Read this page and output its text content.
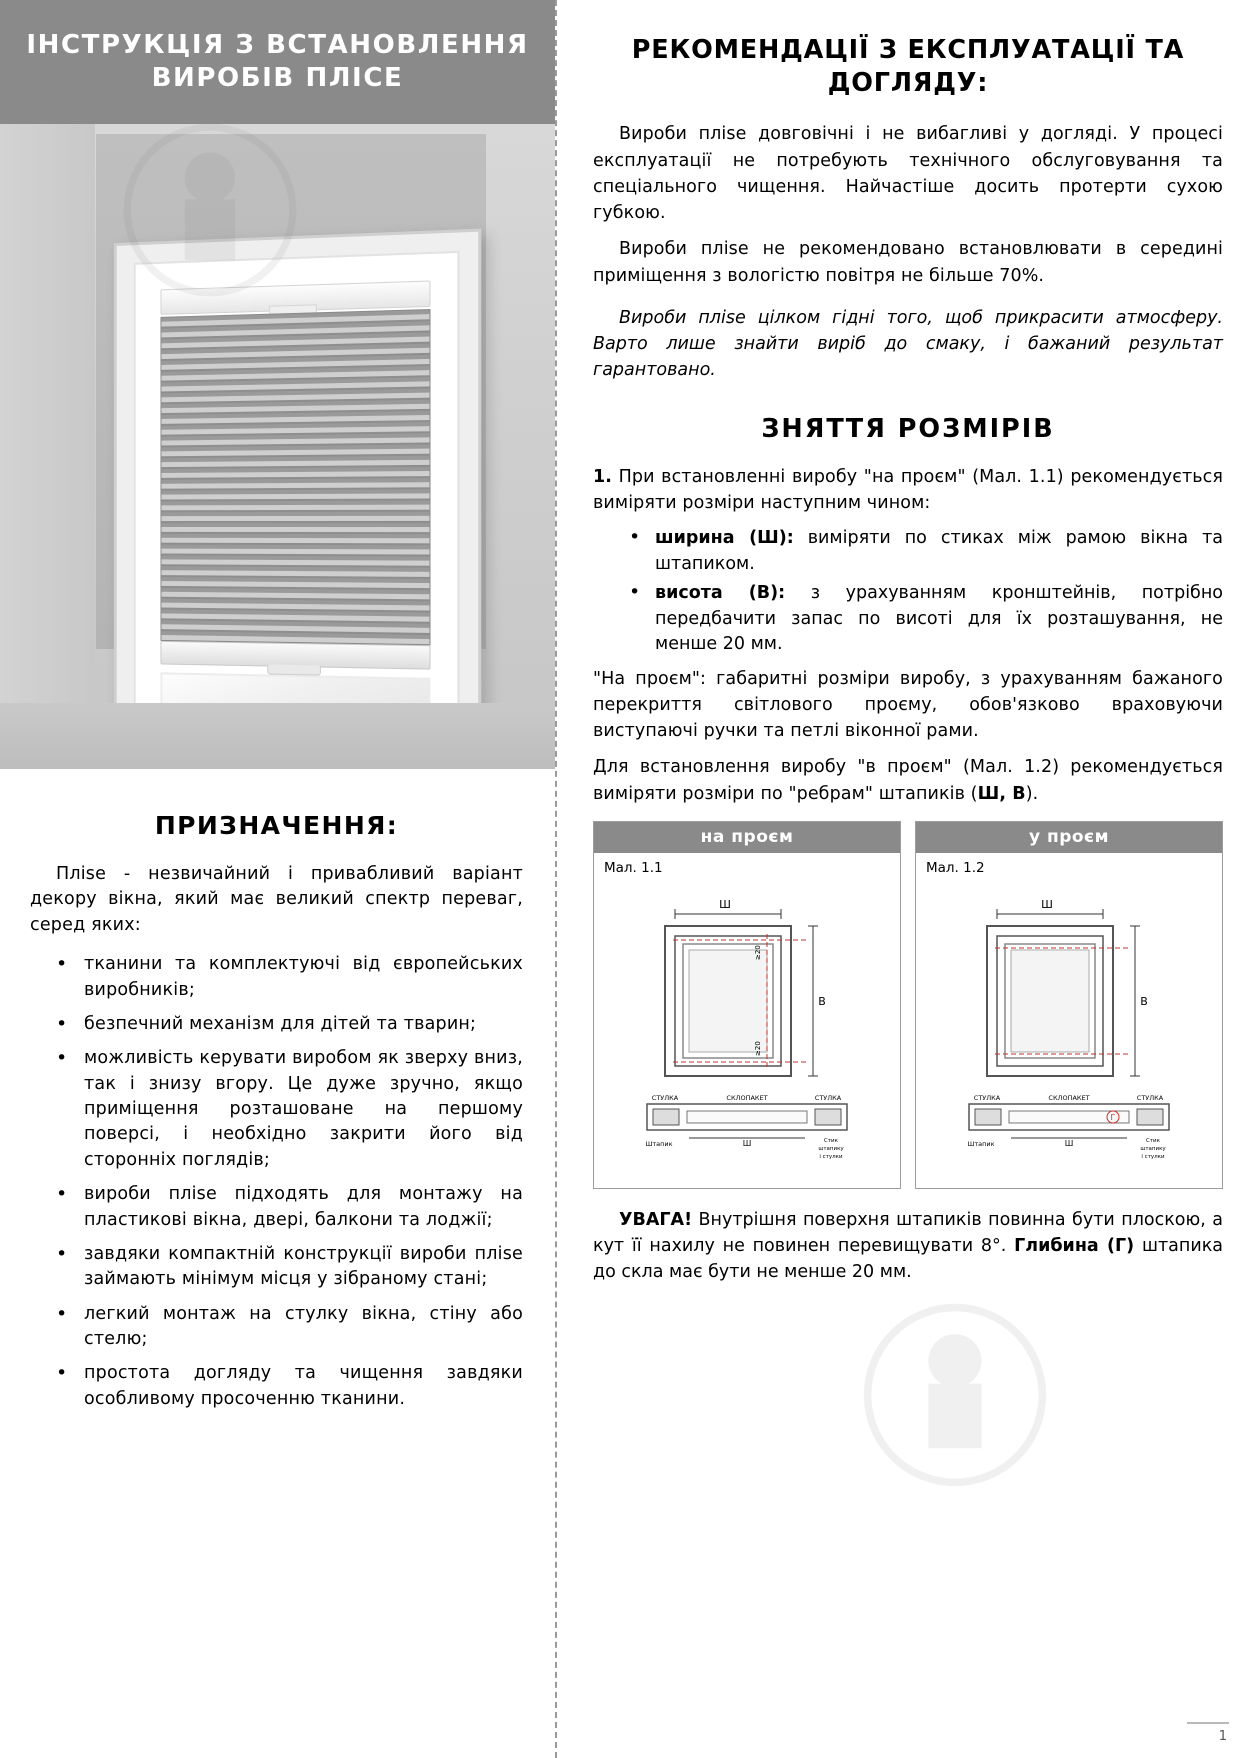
ІНСТРУКЦІЯ З ВСТАНОВЛЕННЯ ВИРОБІВ ПЛІСЕ
ПРИЗНАЧЕННЯ:

Пліse - незвичайний і привабливий варіант декору вікна, який має великий спектр переваг, серед яких:

• тканини та комплектуючі від європейських виробників;
• безпечний механізм для дітей та тварин;
• можливість керувати виробом як зверху вниз, так і знизу вгору. Це дуже зручно, якщо приміщення розташоване на першому поверсі, і необхідно закрити його від сторонніх поглядів;
• вироби пліse підходять для монтажу на пластикові вікна, двері, балкони та лоджії;
• завдяки компактній конструкції вироби пліse займають мінімум місця у зібраному стані;
• легкий монтаж на стулку вікна, стіну або стелю;
• простота догляду та чищення завдяки особливому просоченню тканини.
РЕКОМЕНДАЦІЇ З ЕКСПЛУАТАЦІЇ ТА ДОГЛЯДУ:

Вироби пліse довговічні і не вибагливі у догляді. У процесі експлуатації не потребують технічного обслуговування та спеціального чищення. Найчастіше досить протерти сухою губкою.

Вироби пліse не рекомендовано встановлювати в середині приміщення з вологістю повітря не більше 70%.

Вироби пліse цілком гідні того, щоб прикрасити атмосферу. Варто лише знайти виріб до смаку, і бажаний результат гарантовано.

ЗНЯТТЯ РОЗМІРІВ

1. При встановленні виробу "на проєм" (Мал. 1.1) рекомендується виміряти розміри наступним чином:

• ширина (Ш): виміряти по стиках між рамою вікна та штапиком.
• висота (В): з урахуванням кронштейнів, потрібно передбачити запас по висоті для їх розташування, не менше 20 мм.

"На проєм": габаритні розміри виробу, з урахуванням бажаного перекриття світлового проєму, обов'язково враховуючи виступаючі ручки та петлі віконної рами.

Для встановлення виробу "в проєм" (Мал. 1.2) рекомендується виміряти розміри по "ребрам" штапиків (Ш, В).

на проєм
Мал. 1.1
Ш
В
≥20
≥20
СТУЛКА	СКЛОПАКЕТ	СТУЛКА
Штапик	Ш	Стик
штапику
і стулки
у проєм
Мал. 1.2
Ш
В
СТУЛКА	СКЛОПАКЕТ	СТУЛКА
Г
Штапик	Ш	Стик
штапику
і стулки

УВАГА! Внутрішня поверхня штапиків повинна бути плоскою, а кут її нахилу не повинен перевищувати 8°. Глибина (Г) штапика до скла має бути не менше 20 мм.

1
